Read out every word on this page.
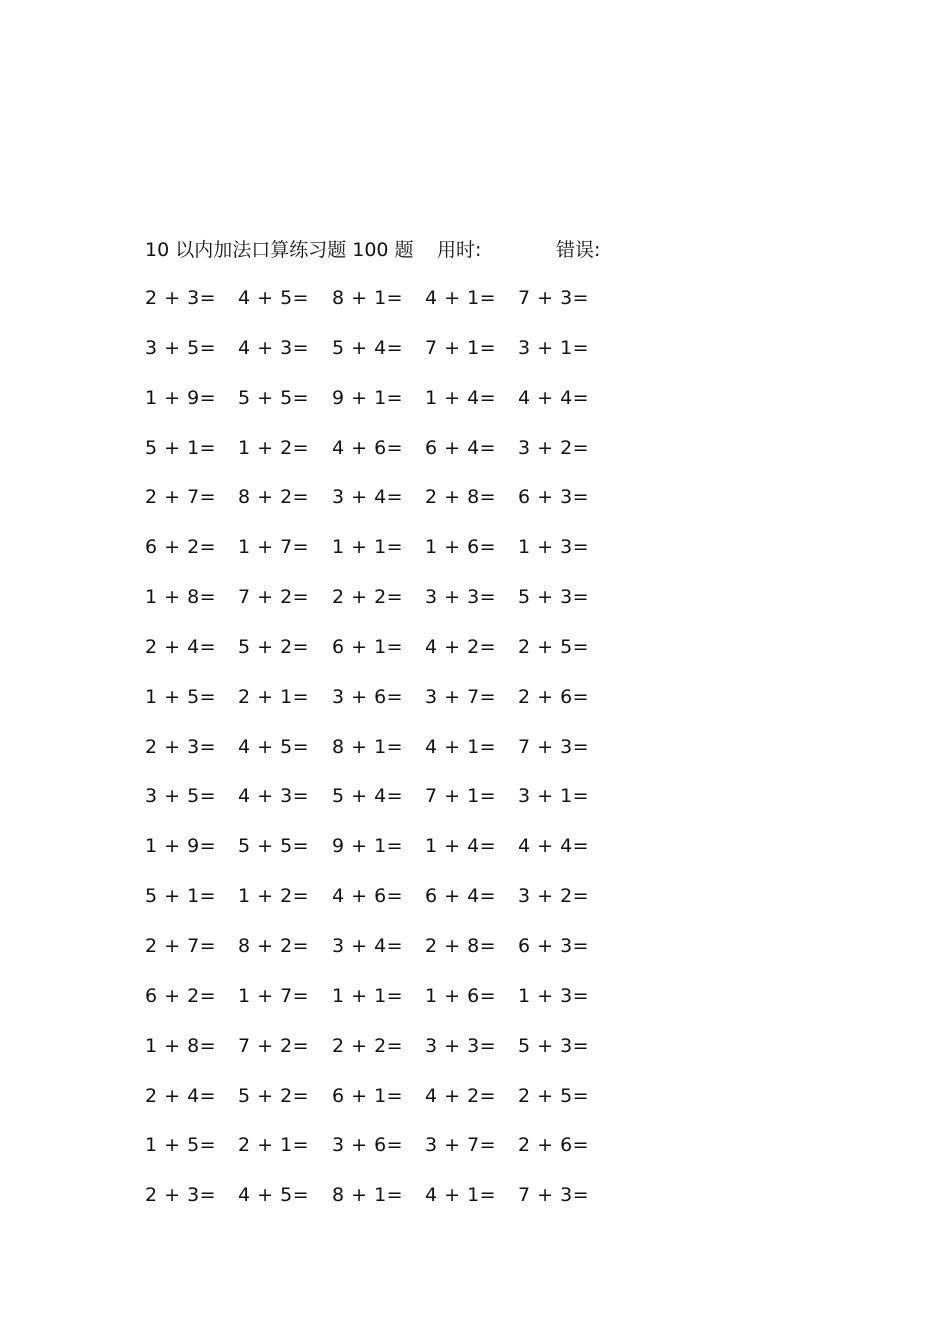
10 以内加法口算练习题 100 题 用时:	错误:
2 + 3= 4 + 5= 8 + 1= 4 + 1= 7 + 3=
3 + 5= 4 + 3= 5 + 4= 7 + 1= 3 + 1=
1 + 9= 5 + 5= 9 + 1= 1 + 4= 4 + 4=
5 + 1= 1 + 2= 4 + 6= 6 + 4= 3 + 2=
2 + 7= 8 + 2= 3 + 4= 2 + 8= 6 + 3=
6 + 2= 1 + 7= 1 + 1= 1 + 6= 1 + 3=
1 + 8= 7 + 2= 2 + 2= 3 + 3= 5 + 3=
2 + 4= 5 + 2= 6 + 1= 4 + 2= 2 + 5=
1 + 5= 2 + 1= 3 + 6= 3 + 7= 2 + 6=
2 + 3= 4 + 5= 8 + 1= 4 + 1= 7 + 3=
3 + 5= 4 + 3= 5 + 4= 7 + 1= 3 + 1=
1 + 9= 5 + 5= 9 + 1= 1 + 4= 4 + 4=
5 + 1= 1 + 2= 4 + 6= 6 + 4= 3 + 2=
2 + 7= 8 + 2= 3 + 4= 2 + 8= 6 + 3=
6 + 2= 1 + 7= 1 + 1= 1 + 6= 1 + 3=
1 + 8= 7 + 2= 2 + 2= 3 + 3= 5 + 3=
2 + 4= 5 + 2= 6 + 1= 4 + 2= 2 + 5=
1 + 5= 2 + 1= 3 + 6= 3 + 7= 2 + 6=
2 + 3= 4 + 5= 8 + 1= 4 + 1= 7 + 3=
